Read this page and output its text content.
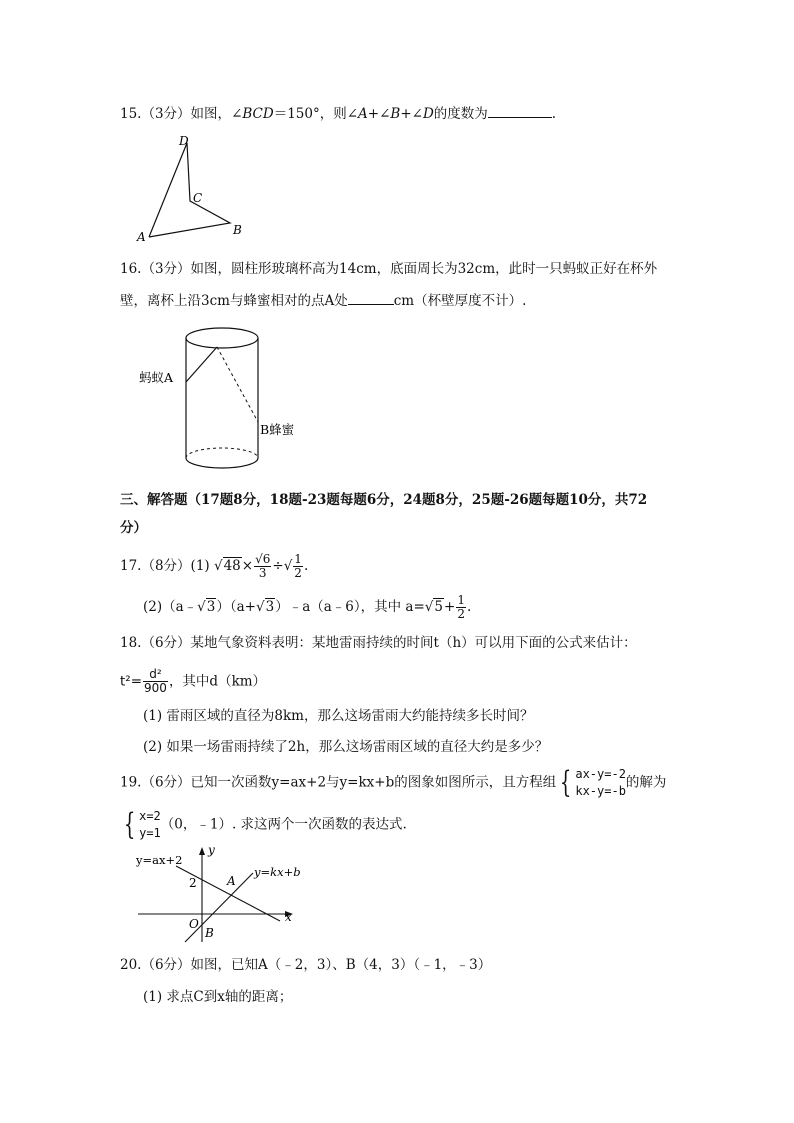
15.（3分）如图，∠BCD＝150°，则∠A+∠B+∠D的度数为	.
D
C
A	B
16.（3分）如图，圆柱形玻璃杯高为14cm，底面周长为32cm，此时一只蚂蚁正好在杯外
壁，离杯上沿3cm与蜂蜜相对的点A处	cm（杯壁厚度不计）.
蚂蚁A
B蜂蜜
三、解答题（17题8分，18题-23题每题6分，24题8分，25题-26题每题10分，共72
分）
17.（8分）(1) $√48\times \frac{√6}{3}$ ÷√ $\frac{1}{2}$ .
(2)（a﹣√3）（a+√3）﹣a（a﹣6），其中 $a=√5+ \frac{1}{2}$ .
18.（6分）某地气象资料表明：某地雷雨持续的时间t（h）可以用下面的公式来估计：
$t^2= \frac{\text{d²}}{900}$ ，其中d（km）
(1) 雷雨区域的直径为8km，那么这场雷雨大约能持续多长时间？
(2) 如果一场雷雨持续了2h，那么这场雷雨区域的直径大约是多少？
19.（6分）已知一次函数y=ax+2与y=kx+b的图象如图所示，且方程组 { ax-y=-2
kx-y=-b
的解为
{ x=2
y=1
（0，﹣1）. 求这两个一次函数的表达式.
y=ax+2
y=kx+b
y
x
O
2	A
B
20.（6分）如图，已知A（﹣2，3）、B（4，3）（﹣1，﹣3）
(1) 求点C到x轴的距离；
